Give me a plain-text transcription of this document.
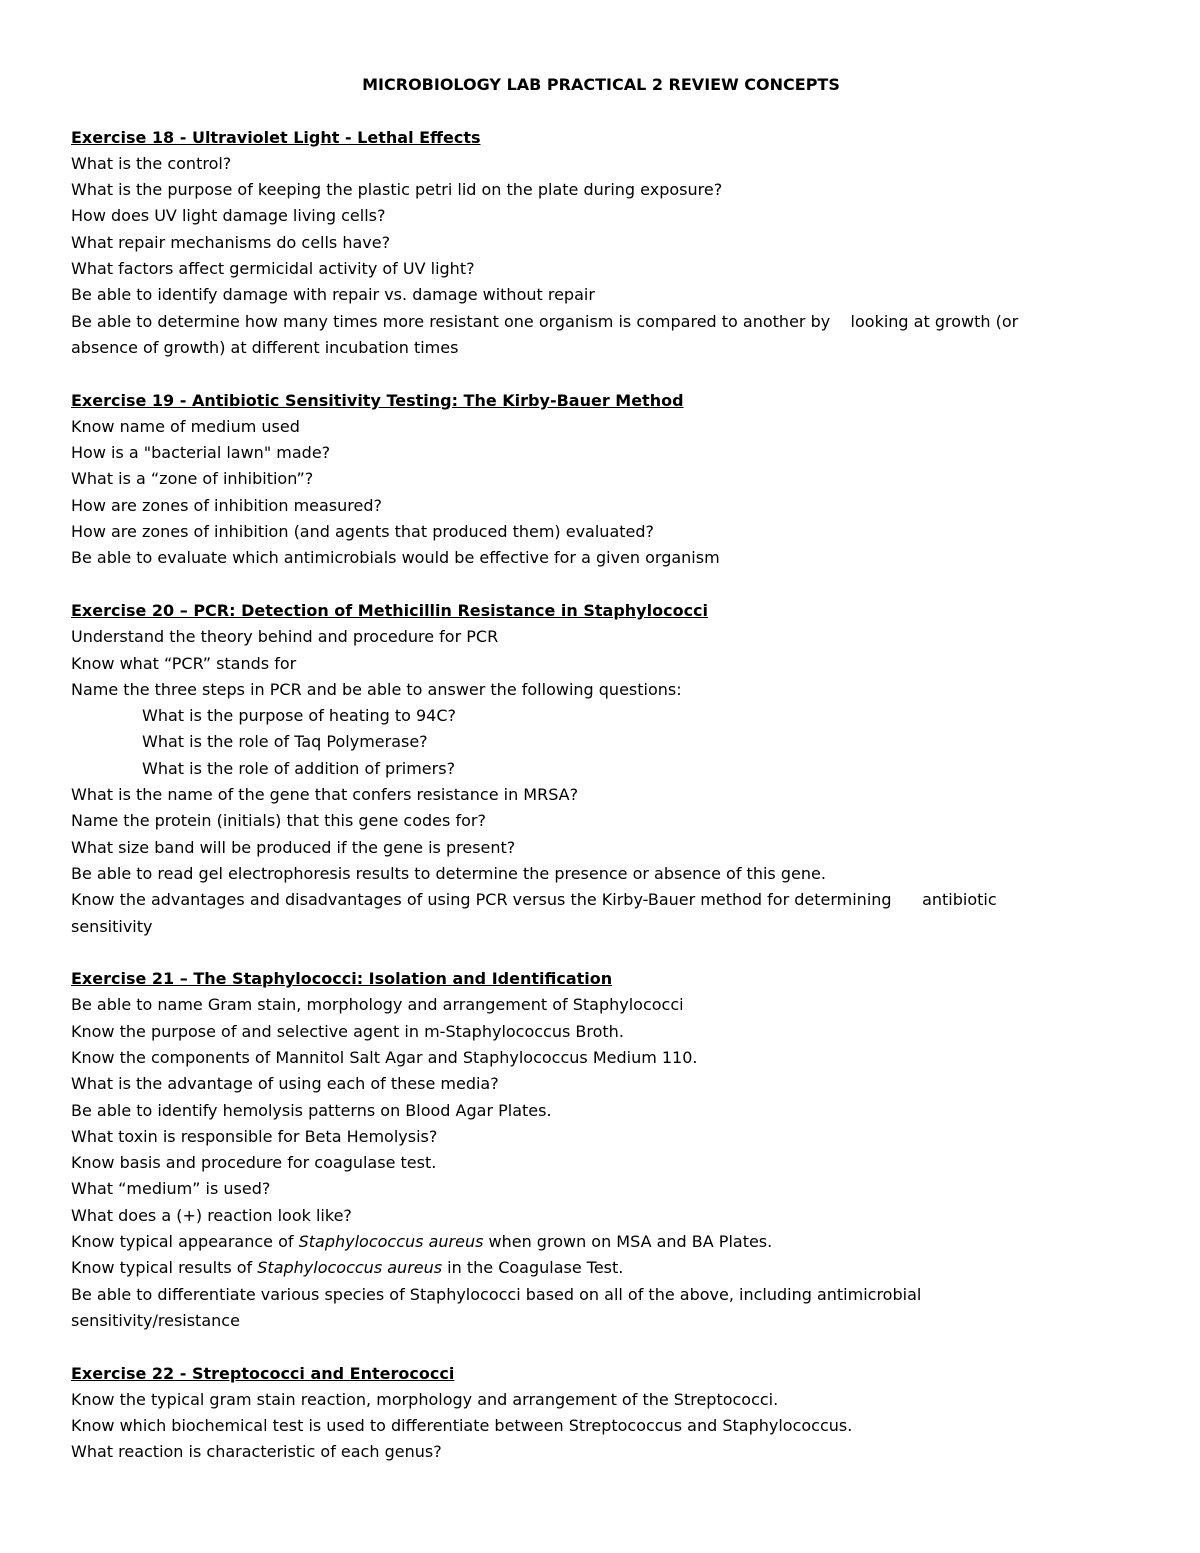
MICROBIOLOGY LAB PRACTICAL 2 REVIEW CONCEPTS
Exercise 18 - Ultraviolet Light - Lethal Effects
What is the control?
What is the purpose of keeping the plastic petri lid on the plate during exposure?
How does UV light damage living cells?
What repair mechanisms do cells have?
What factors affect germicidal activity of UV light?
Be able to identify damage with repair vs. damage without repair
Be able to determine how many times more resistant one organism is compared to another by    looking at growth (or
absence of growth) at different incubation times
Exercise 19 - Antibiotic Sensitivity Testing: The Kirby-Bauer Method
Know name of medium used
How is a "bacterial lawn" made?
What is a “zone of inhibition”?
How are zones of inhibition measured?
How are zones of inhibition (and agents that produced them) evaluated?
Be able to evaluate which antimicrobials would be effective for a given organism
Exercise 20 – PCR: Detection of Methicillin Resistance in Staphylococci
Understand the theory behind and procedure for PCR
Know what “PCR” stands for
Name the three steps in PCR and be able to answer the following questions:
What is the purpose of heating to 94C?
What is the role of Taq Polymerase?
What is the role of addition of primers?
What is the name of the gene that confers resistance in MRSA?
Name the protein (initials) that this gene codes for?
What size band will be produced if the gene is present?
Be able to read gel electrophoresis results to determine the presence or absence of this gene.
Know the advantages and disadvantages of using PCR versus the Kirby-Bauer method for determining      antibiotic
sensitivity
Exercise 21 – The Staphylococci: Isolation and Identification
Be able to name Gram stain, morphology and arrangement of Staphylococci
Know the purpose of and selective agent in m-Staphylococcus Broth.
Know the components of Mannitol Salt Agar and Staphylococcus Medium 110.
What is the advantage of using each of these media?
Be able to identify hemolysis patterns on Blood Agar Plates.
What toxin is responsible for Beta Hemolysis?
Know basis and procedure for coagulase test.
What “medium” is used?
What does a (+) reaction look like?
Know typical appearance of Staphylococcus aureus when grown on MSA and BA Plates.
Know typical results of Staphylococcus aureus in the Coagulase Test.
Be able to differentiate various species of Staphylococci based on all of the above, including antimicrobial
sensitivity/resistance
Exercise 22 - Streptococci and Enterococci
Know the typical gram stain reaction, morphology and arrangement of the Streptococci.
Know which biochemical test is used to differentiate between Streptococcus and Staphylococcus.
What reaction is characteristic of each genus?
